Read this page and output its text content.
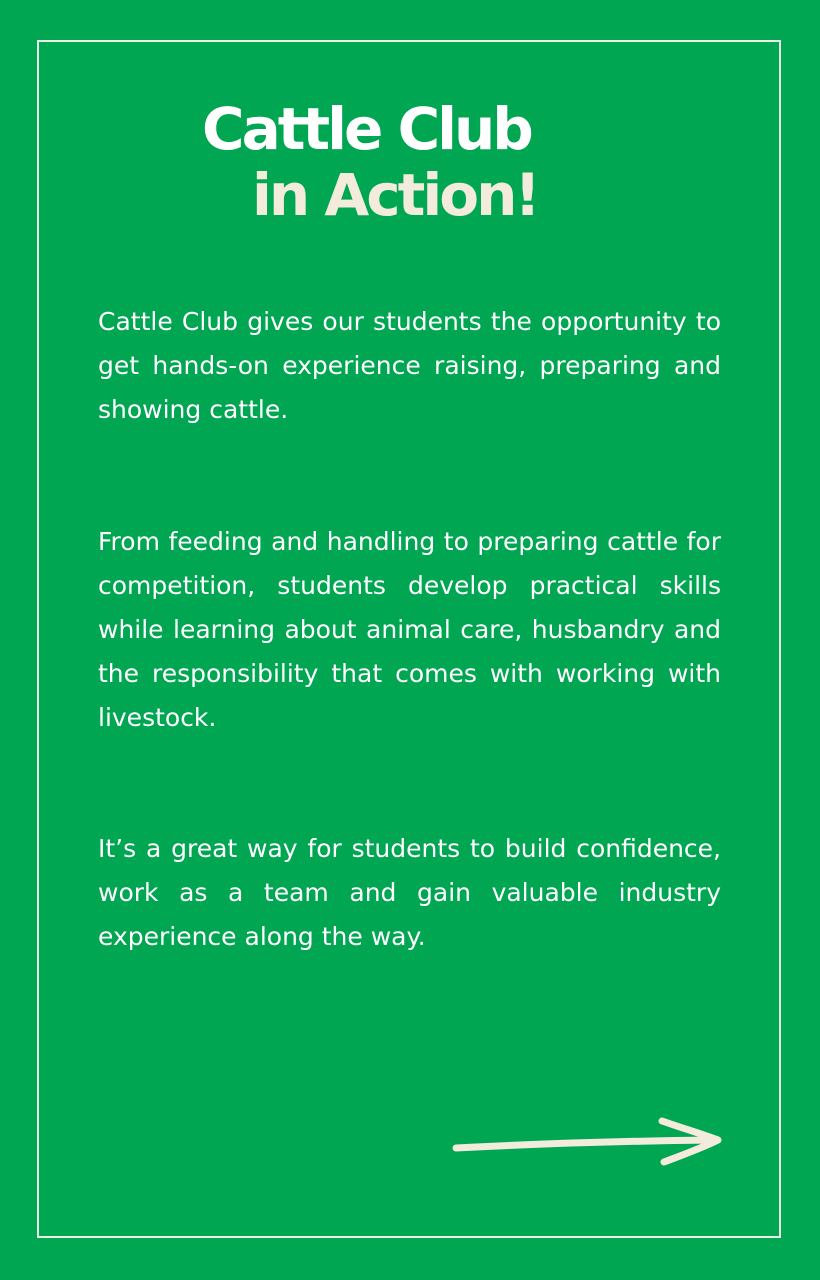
Cattle Club
in Action!

Cattle Club gives our students the opportunity to get hands-on experience raising, preparing and showing cattle.

From feeding and handling to preparing cattle for competition, students develop practical skills while learning about animal care, husbandry and the responsibility that comes with working with livestock.

It’s a great way for students to build confidence, work as a team and gain valuable industry experience along the way.
